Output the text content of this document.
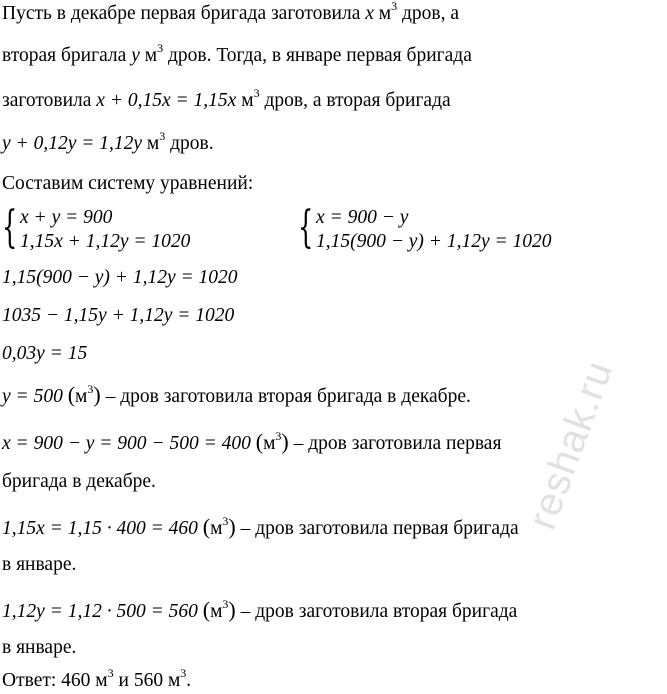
Пусть в декабре первая бригада заготовила x $м^3$ дров, а
вторая бригала y $м^3$ дров. Тогда, в январе первая бригада
заготовила x + 0,15x = 1,15x $м^3$ дров, а вторая бригада
y + 0,12y = 1,12y $м^3$ дров.
Составим систему уравнений:
{ x + y = 900
1,15x + 1,12y = 1020 { x = 900 − y
1,15(900 − y) + 1,12y = 1020
1,15(900 − y) + 1,12y = 1020
1035 − 1,15y + 1,12y = 1020
0,03y = 15
y = 500 $(м^3)$ – дров заготовила вторая бригада в декабре.
x = 900 − y = 900 − 500 = 400 $(м^3)$ – дров заготовила первая
бригада в декабре.
1,15x = 1,15 · 400 = 460 $(м^3)$ – дров заготовила первая бригада
в январе.
1,12y = 1,12 · 500 = 560 $(м^3)$ – дров заготовила вторая бригада
в январе.
Ответ: 460 $м^3$ и 560 $м^3$.
reshak.ru
